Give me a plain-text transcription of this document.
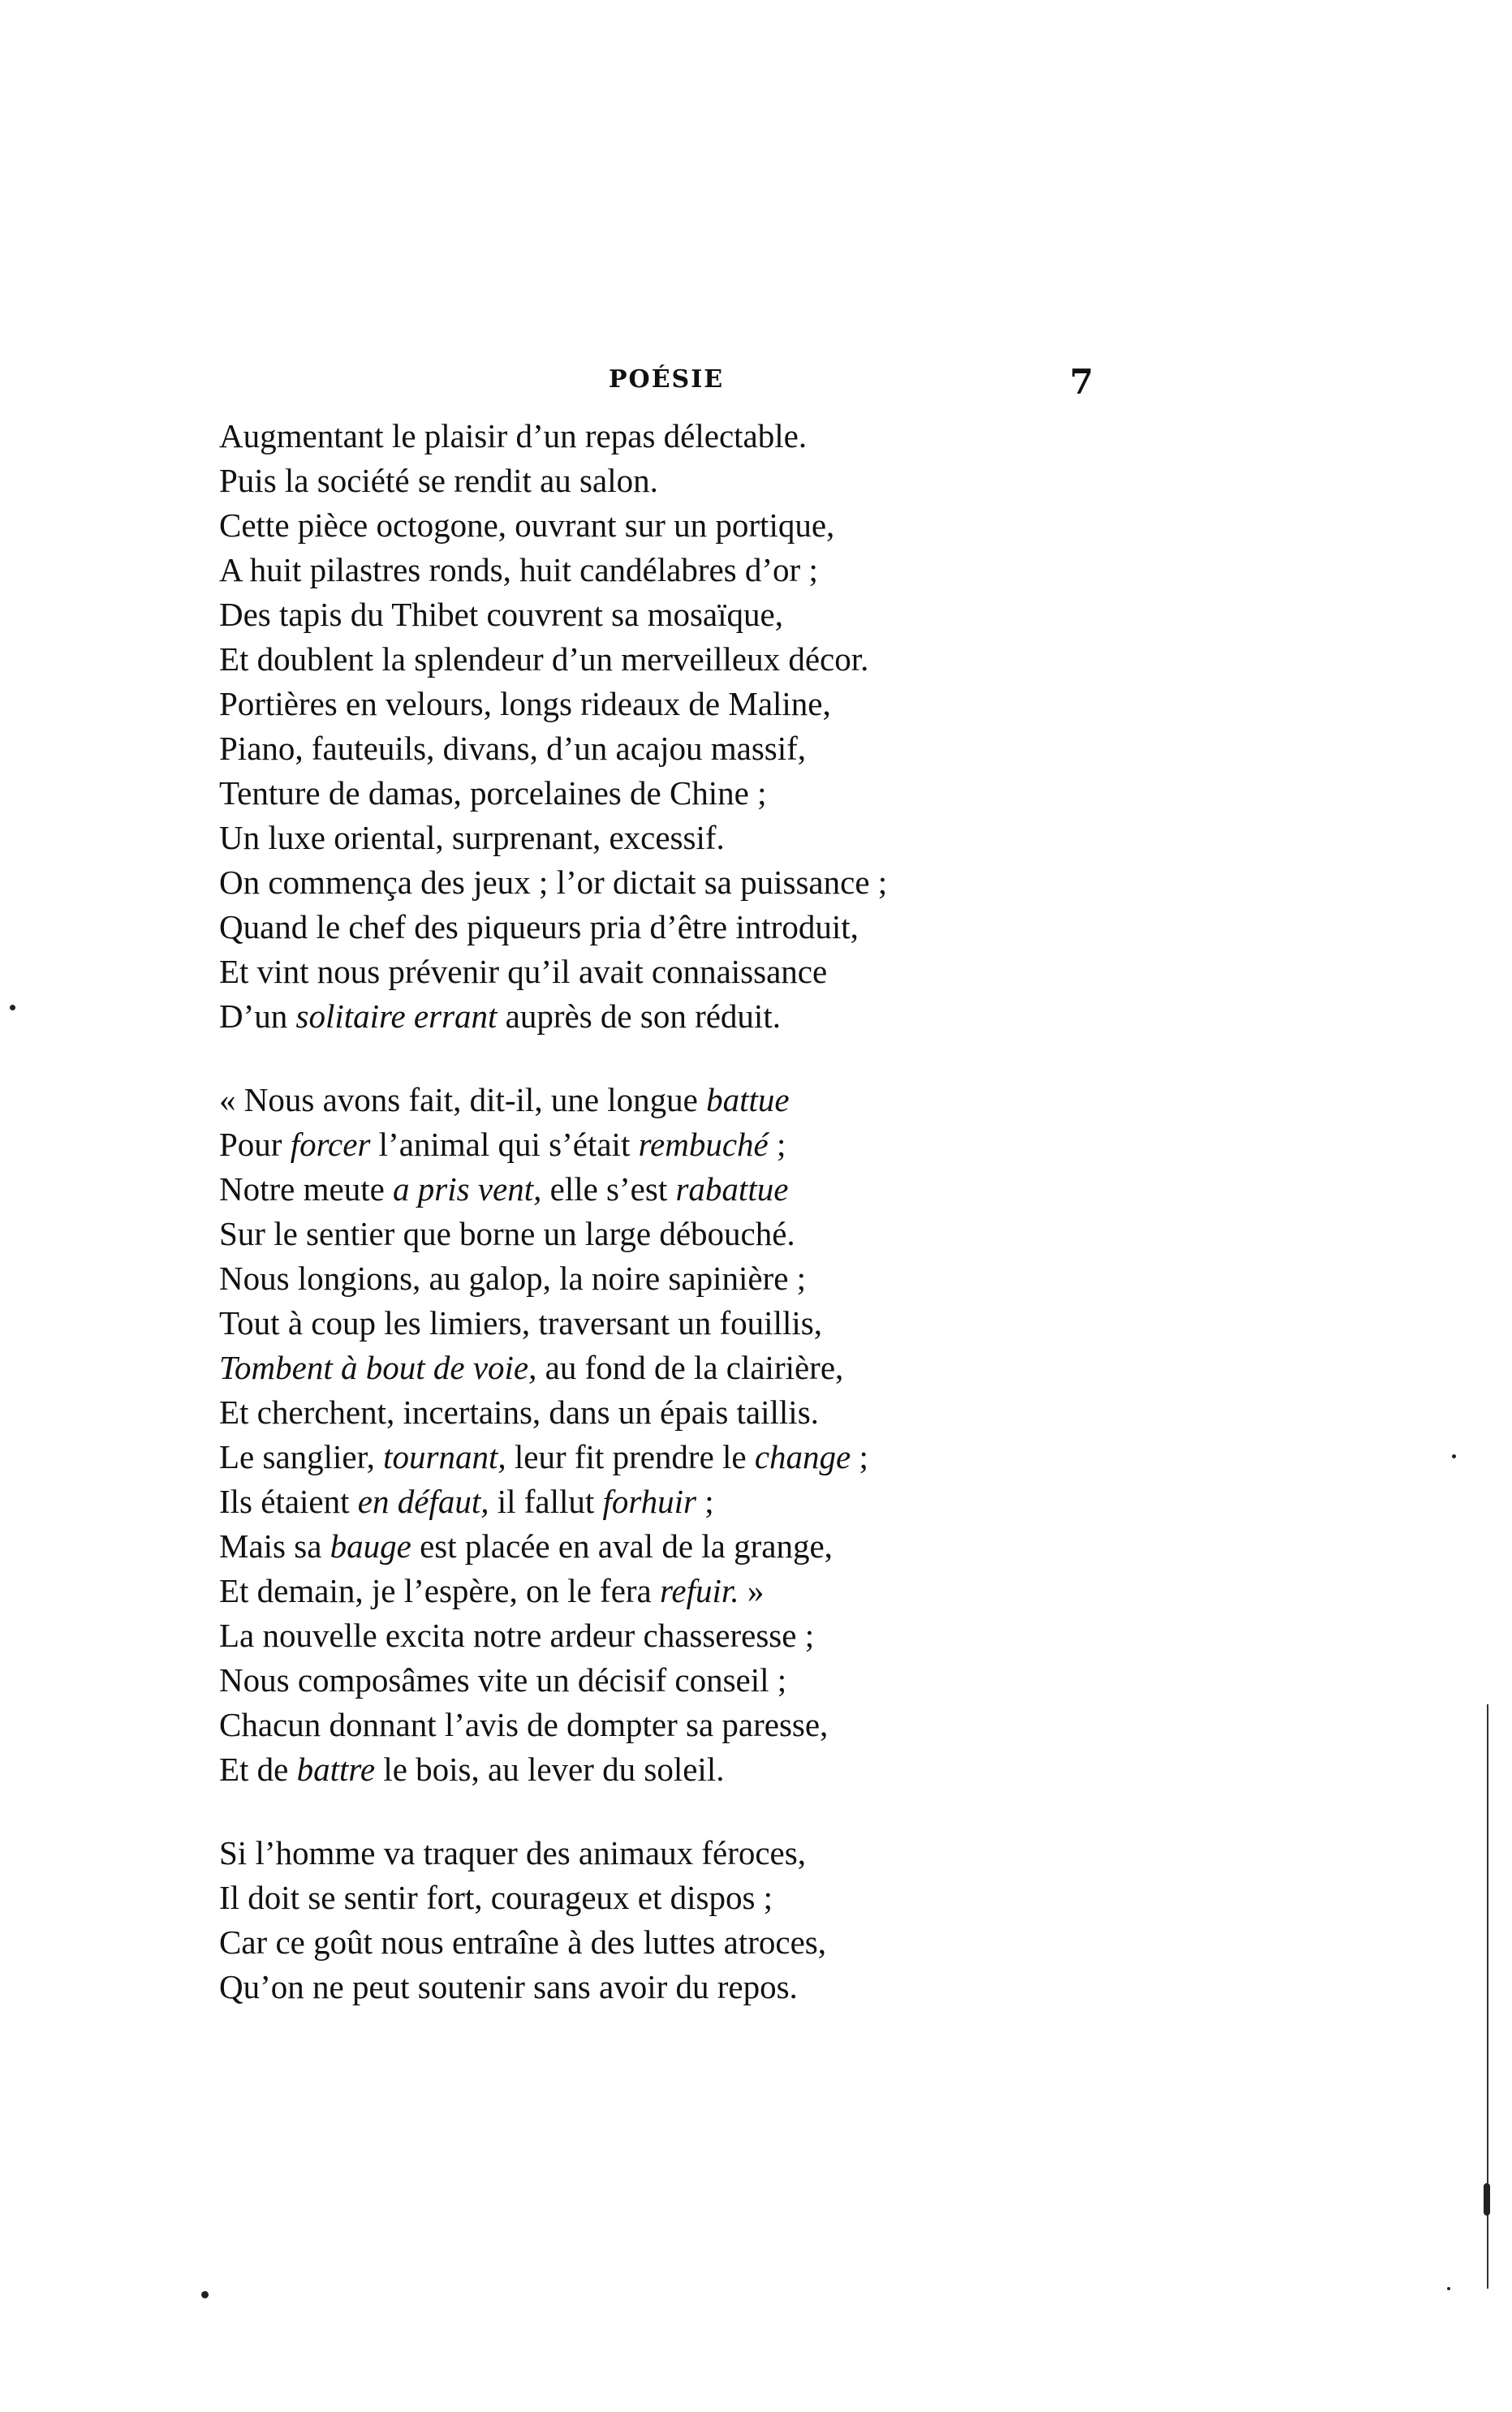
POÉSIE	7
Augmentant le plaisir d’un repas délectable.
Puis la société se rendit au salon.
Cette pièce octogone, ouvrant sur un portique,
A huit pilastres ronds, huit candélabres d’or ;
Des tapis du Thibet couvrent sa mosaïque,
Et doublent la splendeur d’un merveilleux décor.
Portières en velours, longs rideaux de Maline,
Piano, fauteuils, divans, d’un acajou massif,
Tenture de damas, porcelaines de Chine ;
Un luxe oriental, surprenant, excessif.
On commença des jeux ; l’or dictait sa puissance ;
Quand le chef des piqueurs pria d’être introduit,
Et vint nous prévenir qu’il avait connaissance
D’un solitaire errant auprès de son réduit.
« Nous avons fait, dit-il, une longue battue
Pour forcer l’animal qui s’était rembuché ;
Notre meute a pris vent, elle s’est rabattue
Sur le sentier que borne un large débouché.
Nous longions, au galop, la noire sapinière ;
Tout à coup les limiers, traversant un fouillis,
Tombent à bout de voie, au fond de la clairière,
Et cherchent, incertains, dans un épais taillis.
Le sanglier, tournant, leur fit prendre le change ;
Ils étaient en défaut, il fallut forhuir ;
Mais sa bauge est placée en aval de la grange,
Et demain, je l’espère, on le fera refuir. »
La nouvelle excita notre ardeur chasseresse ;
Nous composâmes vite un décisif conseil ;
Chacun donnant l’avis de dompter sa paresse,
Et de battre le bois, au lever du soleil.
Si l’homme va traquer des animaux féroces,
Il doit se sentir fort, courageux et dispos ;
Car ce goût nous entraîne à des luttes atroces,
Qu’on ne peut soutenir sans avoir du repos.
